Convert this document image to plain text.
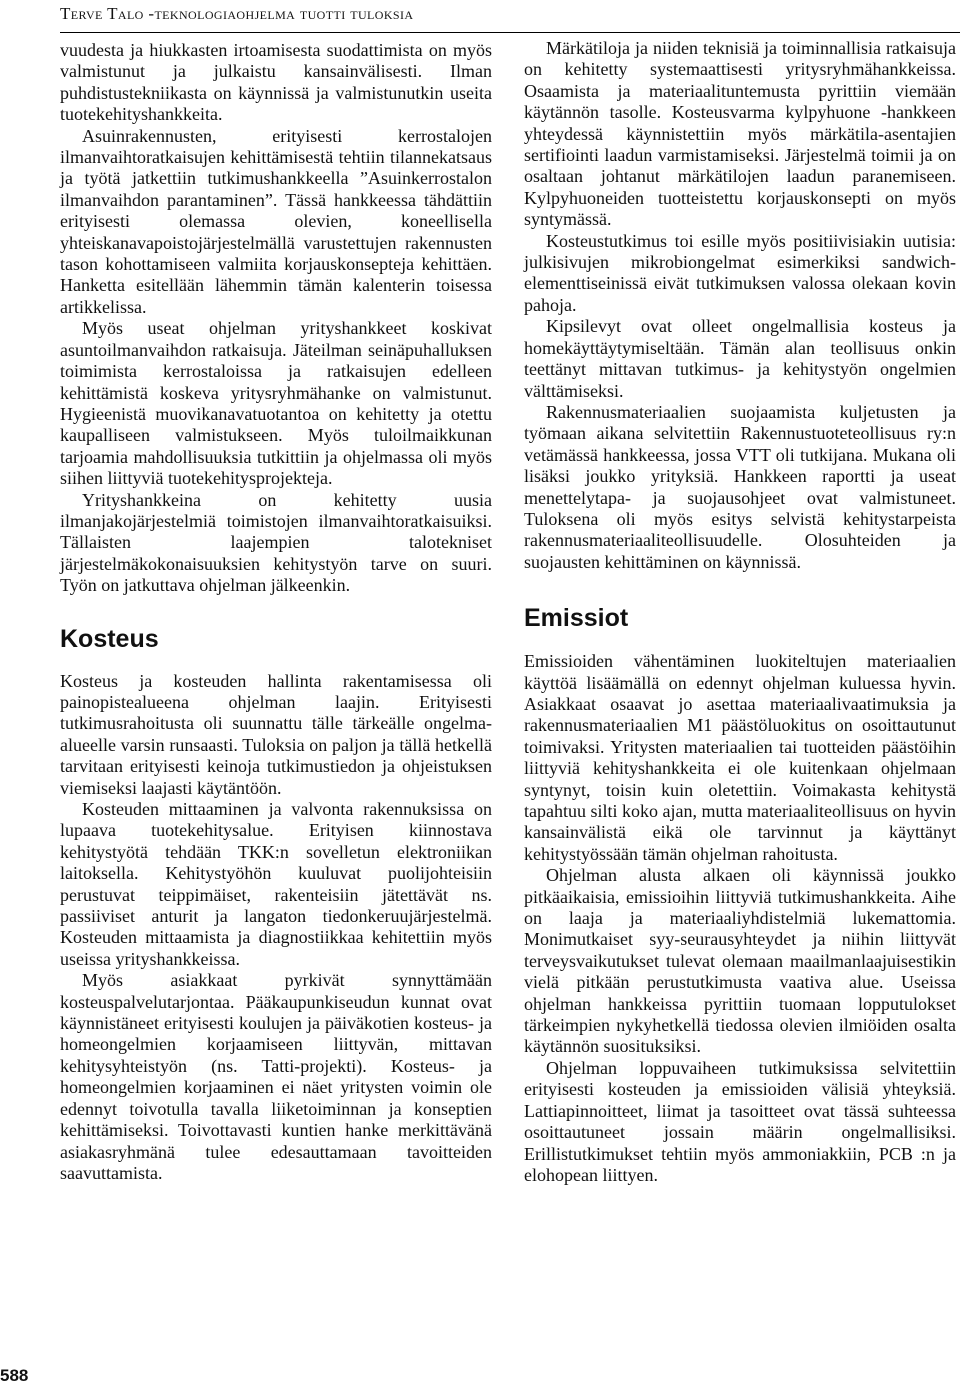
Terve Talo -teknologiaohjelma tuotti tuloksia

vuudesta ja hiukkasten irtoamisesta suodattimista on myös valmistunut ja julkaistu kansainvälisesti. Ilman puhdistustekniikasta on käynnissä ja valmistunutkin useita tuotekehityshankkeita.

Asuinrakennusten, erityisesti kerrostalojen ilmanvaihtoratkaisujen kehittämisestä tehtiin tilannekatsaus ja työtä jatkettiin tutkimushankkeella ”Asuinkerrostalon ilmanvaihdon parantaminen”. Tässä hankkeessa tähdättiin erityisesti olemassa olevien, koneellisella yhteiskanavapoistojärjestelmällä varustettujen rakennusten tason kohottamiseen valmiita korjauskonsepteja kehittäen. Hanketta esitellään lähemmin tämän kalenterin toisessa artikkelissa.

Myös useat ohjelman yrityshankkeet koskivat asuntoilmanvaihdon ratkaisuja. Jäteilman seinäpuhalluksen toimimista kerrostaloissa ja ratkaisujen edelleen kehittämistä koskeva yritysryhmähanke on valmistunut. Hygieenistä muovikanavatuotantoa on kehitetty ja otettu kaupalliseen valmistukseen. Myös tuloilmaikkunan tarjoamia mahdollisuuksia tutkittiin ja ohjelmassa oli myös siihen liittyviä tuotekehitysprojekteja.

Yrityshankkeina on kehitetty uusia ilmanjakojärjestelmiä toimistojen ilmanvaihtoratkaisuiksi. Tällaisten laajempien talotekniset järjestelmäkokonaisuuksien kehitystyön tarve on suuri. Työn on jatkuttava ohjelman jälkeenkin.

Kosteus

Kosteus ja kosteuden hallinta rakentamisessa oli painopistealueena ohjelman laajin. Erityisesti tutkimusrahoitusta oli suunnattu tälle tärkeälle ongelma-alueelle varsin runsaasti. Tuloksia on paljon ja tällä hetkellä tarvitaan erityisesti keinoja tutkimustiedon ja ohjeistuksen viemiseksi laajasti käytäntöön.

Kosteuden mittaaminen ja valvonta rakennuksissa on lupaava tuotekehitysalue. Erityisen kiinnostava kehitystyötä tehdään TKK:n sovelletun elektroniikan laitoksella. Kehitystyöhön kuuluvat puolijohteisiin perustuvat teippimäiset, rakenteisiin jätettävät ns. passiiviset anturit ja langaton tiedonkeruujärjestelmä. Kosteuden mittaamista ja diagnostiikkaa kehitettiin myös useissa yrityshankkeissa.

Myös asiakkaat pyrkivät synnyttämään kosteuspalvelutarjontaa. Pääkaupunkiseudun kunnat ovat käynnistäneet erityisesti koulujen ja päiväkotien kosteus- ja homeongelmien korjaamiseen liittyvän, mittavan kehitysyhteistyön (ns. Tatti-projekti). Kosteus- ja homeongelmien korjaaminen ei näet yritysten voimin ole edennyt toivotulla tavalla liiketoiminnan ja konseptien kehittämiseksi. Toivottavasti kuntien hanke merkittävänä asiakasryhmänä tulee edesauttamaan tavoitteiden saavuttamista.

Märkätiloja ja niiden teknisiä ja toiminnallisia ratkaisuja on kehitetty systemaattisesti yritysryhmähankkeissa. Osaamista ja materiaalituntemusta pyrittiin viemään käytännön tasolle. Kosteusvarma kylpyhuone -hankkeen yhteydessä käynnistettiin myös märkätila-asentajien sertifiointi laadun varmistamiseksi. Järjestelmä toimii ja on osaltaan johtanut märkätilojen laadun paranemiseen. Kylpyhuoneiden tuotteistettu korjauskonsepti on myös syntymässä.

Kosteustutkimus toi esille myös positiivisiakin uutisia: julkisivujen mikrobiongelmat esimerkiksi sandwich-elementtiseinissä eivät tutkimuksen valossa olekaan kovin pahoja.

Kipsilevyt ovat olleet ongelmallisia kosteus ja homekäyttäytymiseltään. Tämän alan teollisuus onkin teettänyt mittavan tutkimus- ja kehitystyön ongelmien välttämiseksi.

Rakennusmateriaalien suojaamista kuljetusten ja työmaan aikana selvitettiin Rakennustuoteteollisuus ry:n vetämässä hankkeessa, jossa VTT oli tutkijana. Mukana oli lisäksi joukko yrityksiä. Hankkeen raportti ja useat menettelytapa- ja suojausohjeet ovat valmistuneet. Tuloksena oli myös esitys selvistä kehitystarpeista rakennusmateriaaliteollisuudelle. Olosuhteiden ja suojausten kehittäminen on käynnissä.

Emissiot

Emissioiden vähentäminen luokiteltujen materiaalien käyttöä lisäämällä on edennyt ohjelman kuluessa hyvin. Asiakkaat osaavat jo asettaa materiaalivaatimuksia ja rakennusmateriaalien M1 päästöluokitus on osoittautunut toimivaksi. Yritysten materiaalien tai tuotteiden päästöihin liittyviä kehityshankkeita ei ole kuitenkaan ohjelmaan syntynyt, toisin kuin oletettiin. Voimakasta kehitystä tapahtuu silti koko ajan, mutta materiaaliteollisuus on hyvin kansainvälistä eikä ole tarvinnut ja käyttänyt kehitystyössään tämän ohjelman rahoitusta.

Ohjelman alusta alkaen oli käynnissä joukko pitkäaikaisia, emissioihin liittyviä tutkimushankkeita. Aihe on laaja ja materiaaliyhdistelmiä lukemattomia. Monimutkaiset syy-seurausyhteydet ja niihin liittyvät terveysvaikutukset tulevat olemaan maailmanlaajuisestikin vielä pitkään perustutkimusta vaativa alue. Useissa ohjelman hankkeissa pyrittiin tuomaan lopputulokset tärkeimpien nykyhetkellä tiedossa olevien ilmiöiden osalta käytännön suosituksiksi.

Ohjelman loppuvaiheen tutkimuksissa selvitettiin erityisesti kosteuden ja emissioiden välisiä yhteyksiä. Lattiapinnoitteet, liimat ja tasoitteet ovat tässä suhteessa osoittautuneet jossain määrin ongelmallisiksi. Erillistutkimukset tehtiin myös ammoniakkiin, PCB :n ja elohopean liittyen.

588
